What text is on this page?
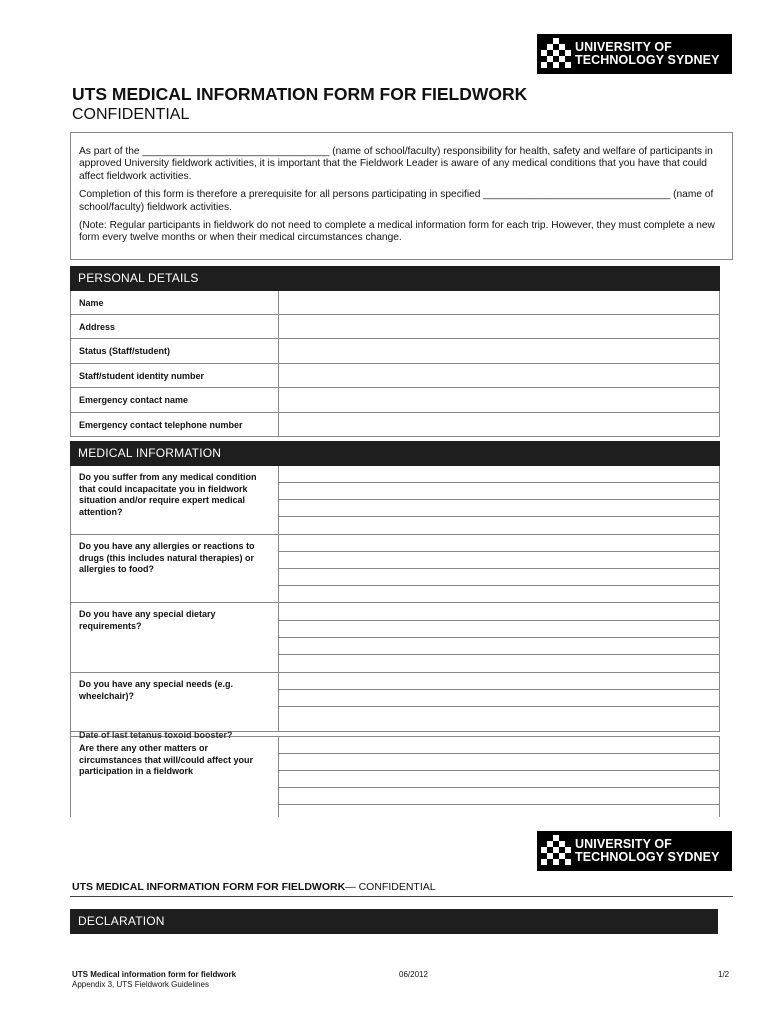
UNIVERSITY OF
TECHNOLOGY SYDNEY
UTS MEDICAL INFORMATION FORM FOR FIELDWORK
CONFIDENTIAL

As part of the _________________________________ (name of school/faculty) responsibility for health, safety and welfare of participants in approved University fieldwork activities, it is important that the Fieldwork Leader is aware of any medical conditions that you have that could affect fieldwork activities.

Completion of this form is therefore a prerequisite for all persons participating in specified _________________________________ (name of school/faculty) fieldwork activities.

(Note: Regular participants in fieldwork do not need to complete a medical information form for each trip. However, they must complete a new form every twelve months or when their medical circumstances change.

PERSONAL DETAILS
Name
Address
Status (Staff/student)
Staff/student identity number
Emergency contact name
Emergency contact telephone number
MEDICAL INFORMATION
Do you suffer from any medical condition that could incapacitate you in fieldwork situation and/or require expert medical attention?
Do you have any allergies or reactions to drugs (this includes natural therapies) or allergies to food?
Do you have any special dietary requirements?
Do you have any special needs (e.g. wheelchair)?
Date of last tetanus toxoid booster?
Are there any other matters or circumstances that will/could affect your participation in a fieldwork
UNIVERSITY OF
TECHNOLOGY SYDNEY
UTS MEDICAL INFORMATION FORM FOR FIELDWORK— CONFIDENTIAL
DECLARATION
UTS Medical information form for fieldwork
Appendix 3, UTS Fieldwork Guidelines
06/2012	1/2
